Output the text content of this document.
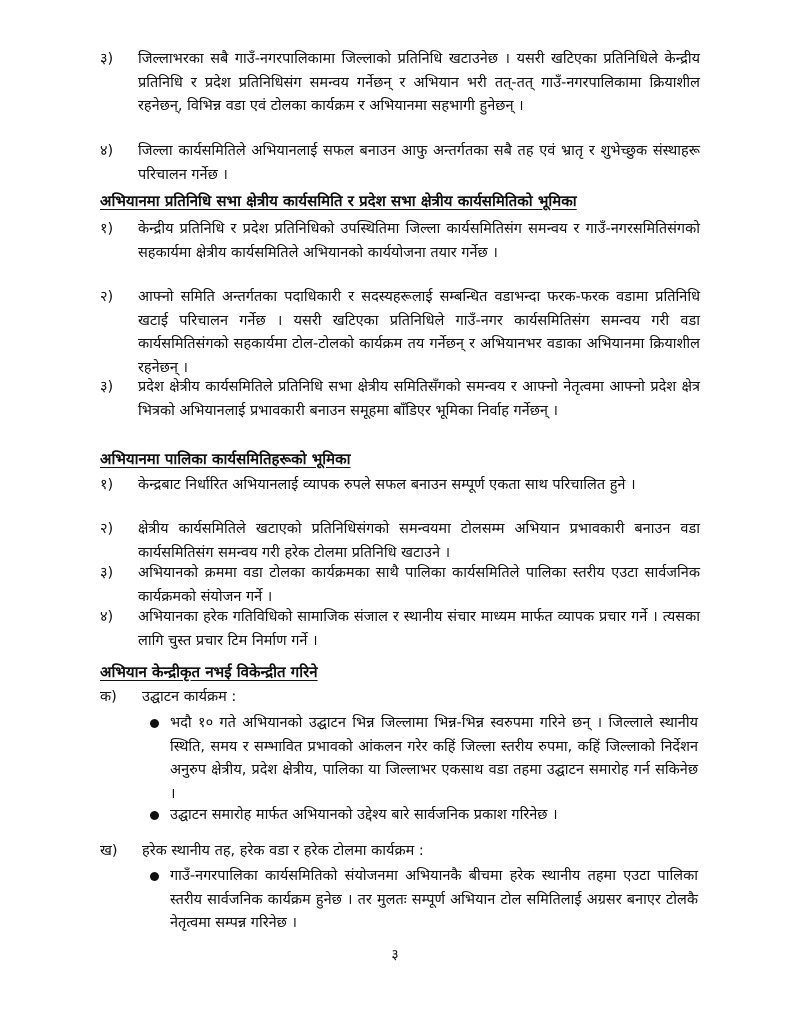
३)	जिल्लाभरका सबै गाउँ-नगरपालिकामा जिल्लाको प्रतिनिधि खटाउनेछ । यसरी खटिएका प्रतिनिधिले केन्द्रीय प्रतिनिधि र प्रदेश प्रतिनिधिसंग समन्वय गर्नेछन् र अभियान भरी तत्-तत् गाउँ-नगरपालिकामा क्रियाशील रहनेछन्, विभिन्न वडा एवं टोलका कार्यक्रम र अभियानमा सहभागी हुनेछन् ।
४)	जिल्ला कार्यसमितिले अभियानलाई सफल बनाउन आफु अन्तर्गतका सबै तह एवं भ्रातृ र शुभेच्छुक संस्थाहरू परिचालन गर्नेछ ।
अभियानमा प्रतिनिधि सभा क्षेत्रीय कार्यसमिति र प्रदेश सभा क्षेत्रीय कार्यसमितिको भूमिका
१)	केन्द्रीय प्रतिनिधि र प्रदेश प्रतिनिधिको उपस्थितिमा जिल्ला कार्यसमितिसंग समन्वय र गाउँ-नगरसमितिसंगको सहकार्यमा क्षेत्रीय कार्यसमितिले अभियानको कार्ययोजना तयार गर्नेछ ।
२)	आफ्नो समिति अन्तर्गतका पदाधिकारी र सदस्यहरूलाई सम्बन्धित वडाभन्दा फरक-फरक वडामा प्रतिनिधि खटाई परिचालन गर्नेछ । यसरी खटिएका प्रतिनिधिले गाउँ-नगर कार्यसमितिसंग समन्वय गरी वडा कार्यसमितिसंगको सहकार्यमा टोल-टोलको कार्यक्रम तय गर्नेछन् र अभियानभर वडाका अभियानमा क्रियाशील रहनेछन् ।
३)	प्रदेश क्षेत्रीय कार्यसमितिले प्रतिनिधि सभा क्षेत्रीय समितिसँगको समन्वय र आफ्नो नेतृत्वमा आफ्नो प्रदेश क्षेत्र भित्रको अभियानलाई प्रभावकारी बनाउन समूहमा बाँडिएर भूमिका निर्वाह गर्नेछन् ।
अभियानमा पालिका कार्यसमितिहरूको भूमिका
१)	केन्द्रबाट निर्धारित अभियानलाई व्यापक रुपले सफल बनाउन सम्पूर्ण एकता साथ परिचालित हुने ।
२)	क्षेत्रीय कार्यसमितिले खटाएको प्रतिनिधिसंगको समन्वयमा टोलसम्म अभियान प्रभावकारी बनाउन वडा कार्यसमितिसंग समन्वय गरी हरेक टोलमा प्रतिनिधि खटाउने ।
३)	अभियानको क्रममा वडा टोलका कार्यक्रमका साथै पालिका कार्यसमितिले पालिका स्तरीय एउटा सार्वजनिक कार्यक्रमको संयोजन गर्ने ।
४)	अभियानका हरेक गतिविधिको सामाजिक संजाल र स्थानीय संचार माध्यम मार्फत व्यापक प्रचार गर्ने । त्यसका लागि चुस्त प्रचार टिम निर्माण गर्ने ।
अभियान केन्द्रीकृत नभई विकेन्द्रीत गरिने
क) उद्घाटन कार्यक्रम :
भदौ १० गते अभियानको उद्घाटन भिन्न जिल्लामा भिन्न-भिन्न स्वरुपमा गरिने छन् । जिल्लाले स्थानीय स्थिति, समय र सम्भावित प्रभावको आंकलन गरेर कहिं जिल्ला स्तरीय रुपमा, कहिं जिल्लाको निर्देशन अनुरुप क्षेत्रीय, प्रदेश क्षेत्रीय, पालिका या जिल्लाभर एकसाथ वडा तहमा उद्घाटन समारोह गर्न सकिनेछ ।
उद्घाटन समारोह मार्फत अभियानको उद्देश्य बारे सार्वजनिक प्रकाश गरिनेछ ।
ख) हरेक स्थानीय तह, हरेक वडा र हरेक टोलमा कार्यक्रम :
गाउँ-नगरपालिका कार्यसमितिको संयोजनमा अभियानकै बीचमा हरेक स्थानीय तहमा एउटा पालिका स्तरीय सार्वजनिक कार्यक्रम हुनेछ । तर मुलतः सम्पूर्ण अभियान टोल समितिलाई अग्रसर बनाएर टोलकै नेतृत्वमा सम्पन्न गरिनेछ ।
३
